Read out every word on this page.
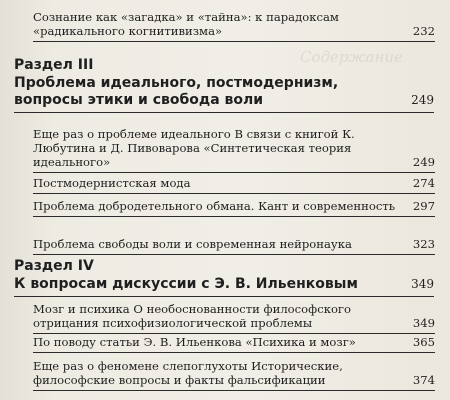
Содержание
Сознание как «загадка» и «тайна»: к парадоксам «радикального когнитивизма»	232
Раздел III
Проблема идеального, постмодернизм, вопросы этики и свобода воли	249
Еще раз о проблеме идеального В связи с книгой К. Любутина и Д. Пивоварова «Синтетическая теория идеального»	249
Постмодернистская мода	274
Проблема добродетельного обмана. Кант и современность	297
Проблема свободы воли и современная нейронаука	323
Раздел IV
К вопросам дискуссии с Э. В. Ильенковым	349
Мозг и психика О необоснованности философского отрицания психофизиологической проблемы	349
По поводу статьи Э. В. Ильенкова «Психика и мозг»	365
Еще раз о феномене слепоглухоты Исторические, философские вопросы и факты фальсификации	374
